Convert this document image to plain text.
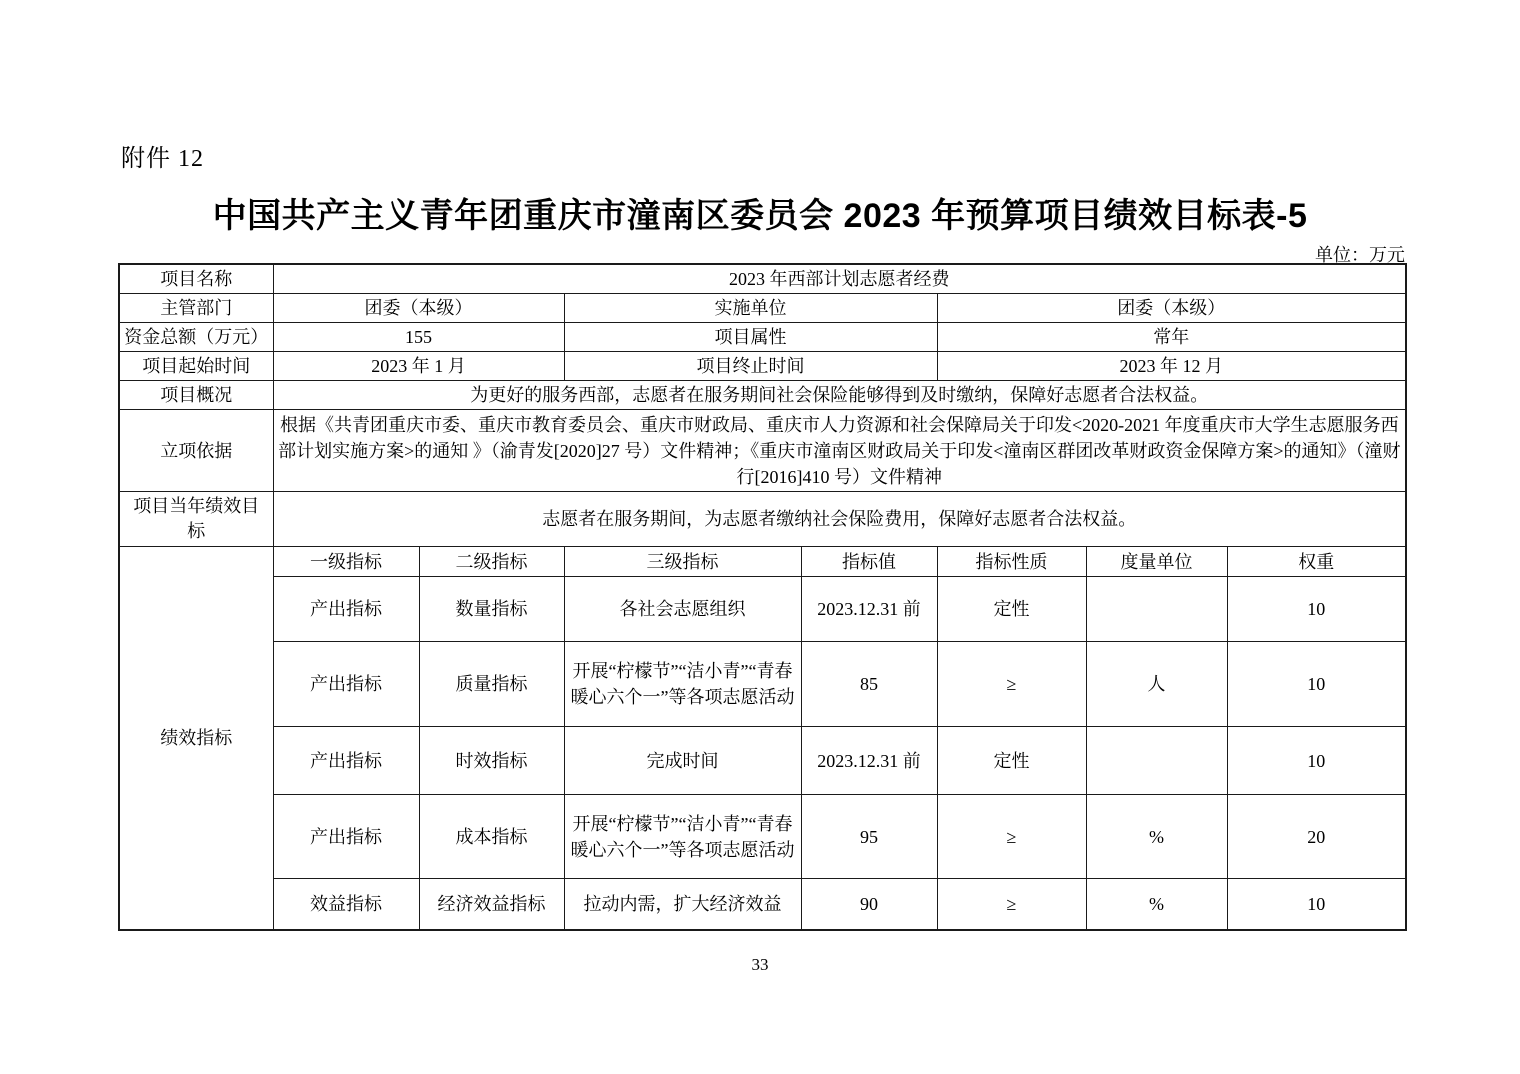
附件 12
中国共产主义青年团重庆市潼南区委员会 2023 年预算项目绩效目标表-5
单位：万元
项目名称	2023 年西部计划志愿者经费						
主管部门	团委（本级）		实施单位		团委（本级）		
资金总额（万元）	155		项目属性		常年		
项目起始时间	2023 年 1 月		项目终止时间		2023 年 12 月		
项目概况	为更好的服务西部，志愿者在服务期间社会保险能够得到及时缴纳，保障好志愿者合法权益。						
立项依据	根据《共青团重庆市委、重庆市教育委员会、重庆市财政局、重庆市人力资源和社会保障局关于印发<2020-2021 年度重庆市大学生志愿服务西部计划实施方案>的通知 》（渝青发[2020]27 号）文件精神；《重庆市潼南区财政局关于印发<潼南区群团改革财政资金保障方案>的通知》（潼财行[2016]410 号）文件精神						
项目当年绩效目标	志愿者在服务期间，为志愿者缴纳社会保险费用，保障好志愿者合法权益。						
绩效指标	一级指标	二级指标	三级指标	指标值	指标性质	度量单位	权重
	产出指标	数量指标	各社会志愿组织	2023.12.31 前	定性		10
	产出指标	质量指标	开展“柠檬节”“洁小青”“青春暖心六个一”等各项志愿活动	85	≥	人	10
	产出指标	时效指标	完成时间	2023.12.31 前	定性		10
	产出指标	成本指标	开展“柠檬节”“洁小青”“青春暖心六个一”等各项志愿活动	95	≥	%	20
	效益指标	经济效益指标	拉动内需，扩大经济效益	90	≥	%	10
33
